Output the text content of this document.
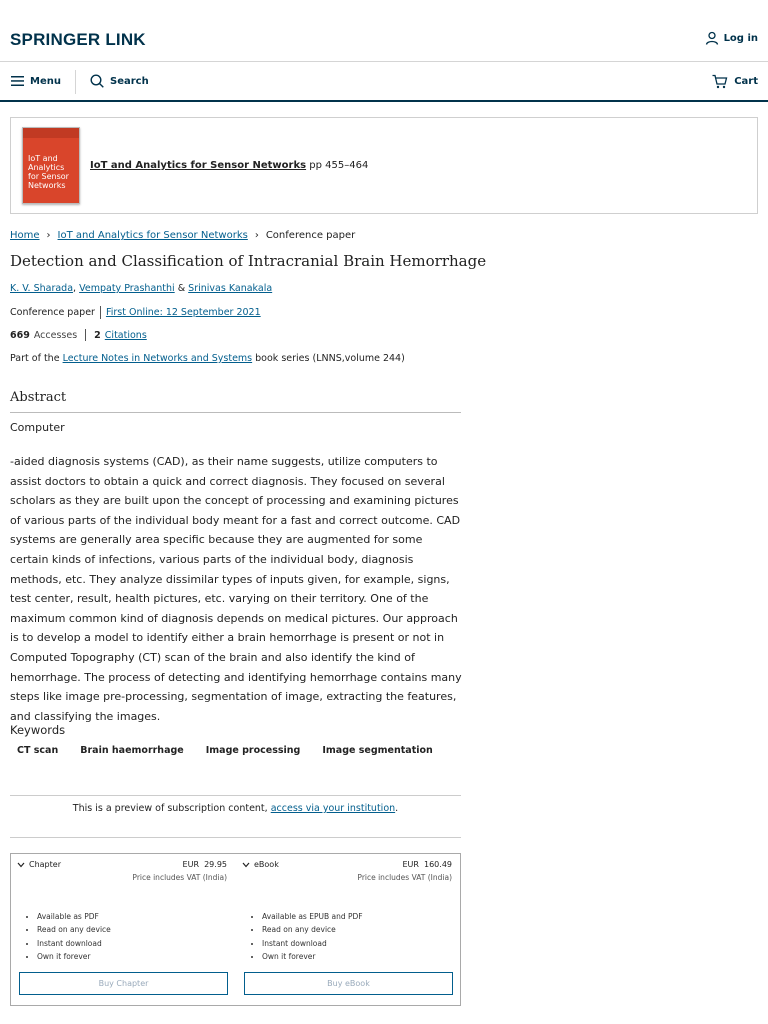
SPRINGER LINK	Log in
Menu	Search	Cart
IoT and Analytics for Sensor Networks
IoT and Analytics for Sensor Networks pp 455–464
Home › IoT and Analytics for Sensor Networks › Conference paper
Detection and Classification of Intracranial Brain Hemorrhage
K. V. Sharada, Vempaty Prashanthi & Srinivas Kanakala
Conference paper First Online: 12 September 2021
669 Accesses 2 Citations
Part of the Lecture Notes in Networks and Systems book series (LNNS,volume 244)
Abstract

Computer

-aided diagnosis systems (CAD), as their name suggests, utilize computers to assist doctors to obtain a quick and correct diagnosis. They focused on several scholars as they are built upon the concept of processing and examining pictures of various parts of the individual body meant for a fast and correct outcome. CAD systems are generally area specific because they are augmented for some certain kinds of infections, various parts of the individual body, diagnosis methods, etc. They analyze dissimilar types of inputs given, for example, signs, test center, result, health pictures, etc. varying on their territory. One of the maximum common kind of diagnosis depends on medical pictures. Our approach is to develop a model to identify either a brain hemorrhage is present or not in Computed Topography (CT) scan of the brain and also identify the kind of hemorrhage. The process of detecting and identifying hemorrhage contains many steps like image pre-processing, segmentation of image, extracting the features, and classifying the images.

Keywords
CT scan Brain haemorrhage Image processing Image segmentation
This is a preview of subscription content, access via your institution.
Chapter	EUR 29.95
Price includes VAT (India)
• Available as PDF
• Read on any device
• Instant download
• Own it forever
Buy Chapter
eBook	EUR 160.49
Price includes VAT (India)
• Available as EPUB and PDF
• Read on any device
• Instant download
• Own it forever
Buy eBook
